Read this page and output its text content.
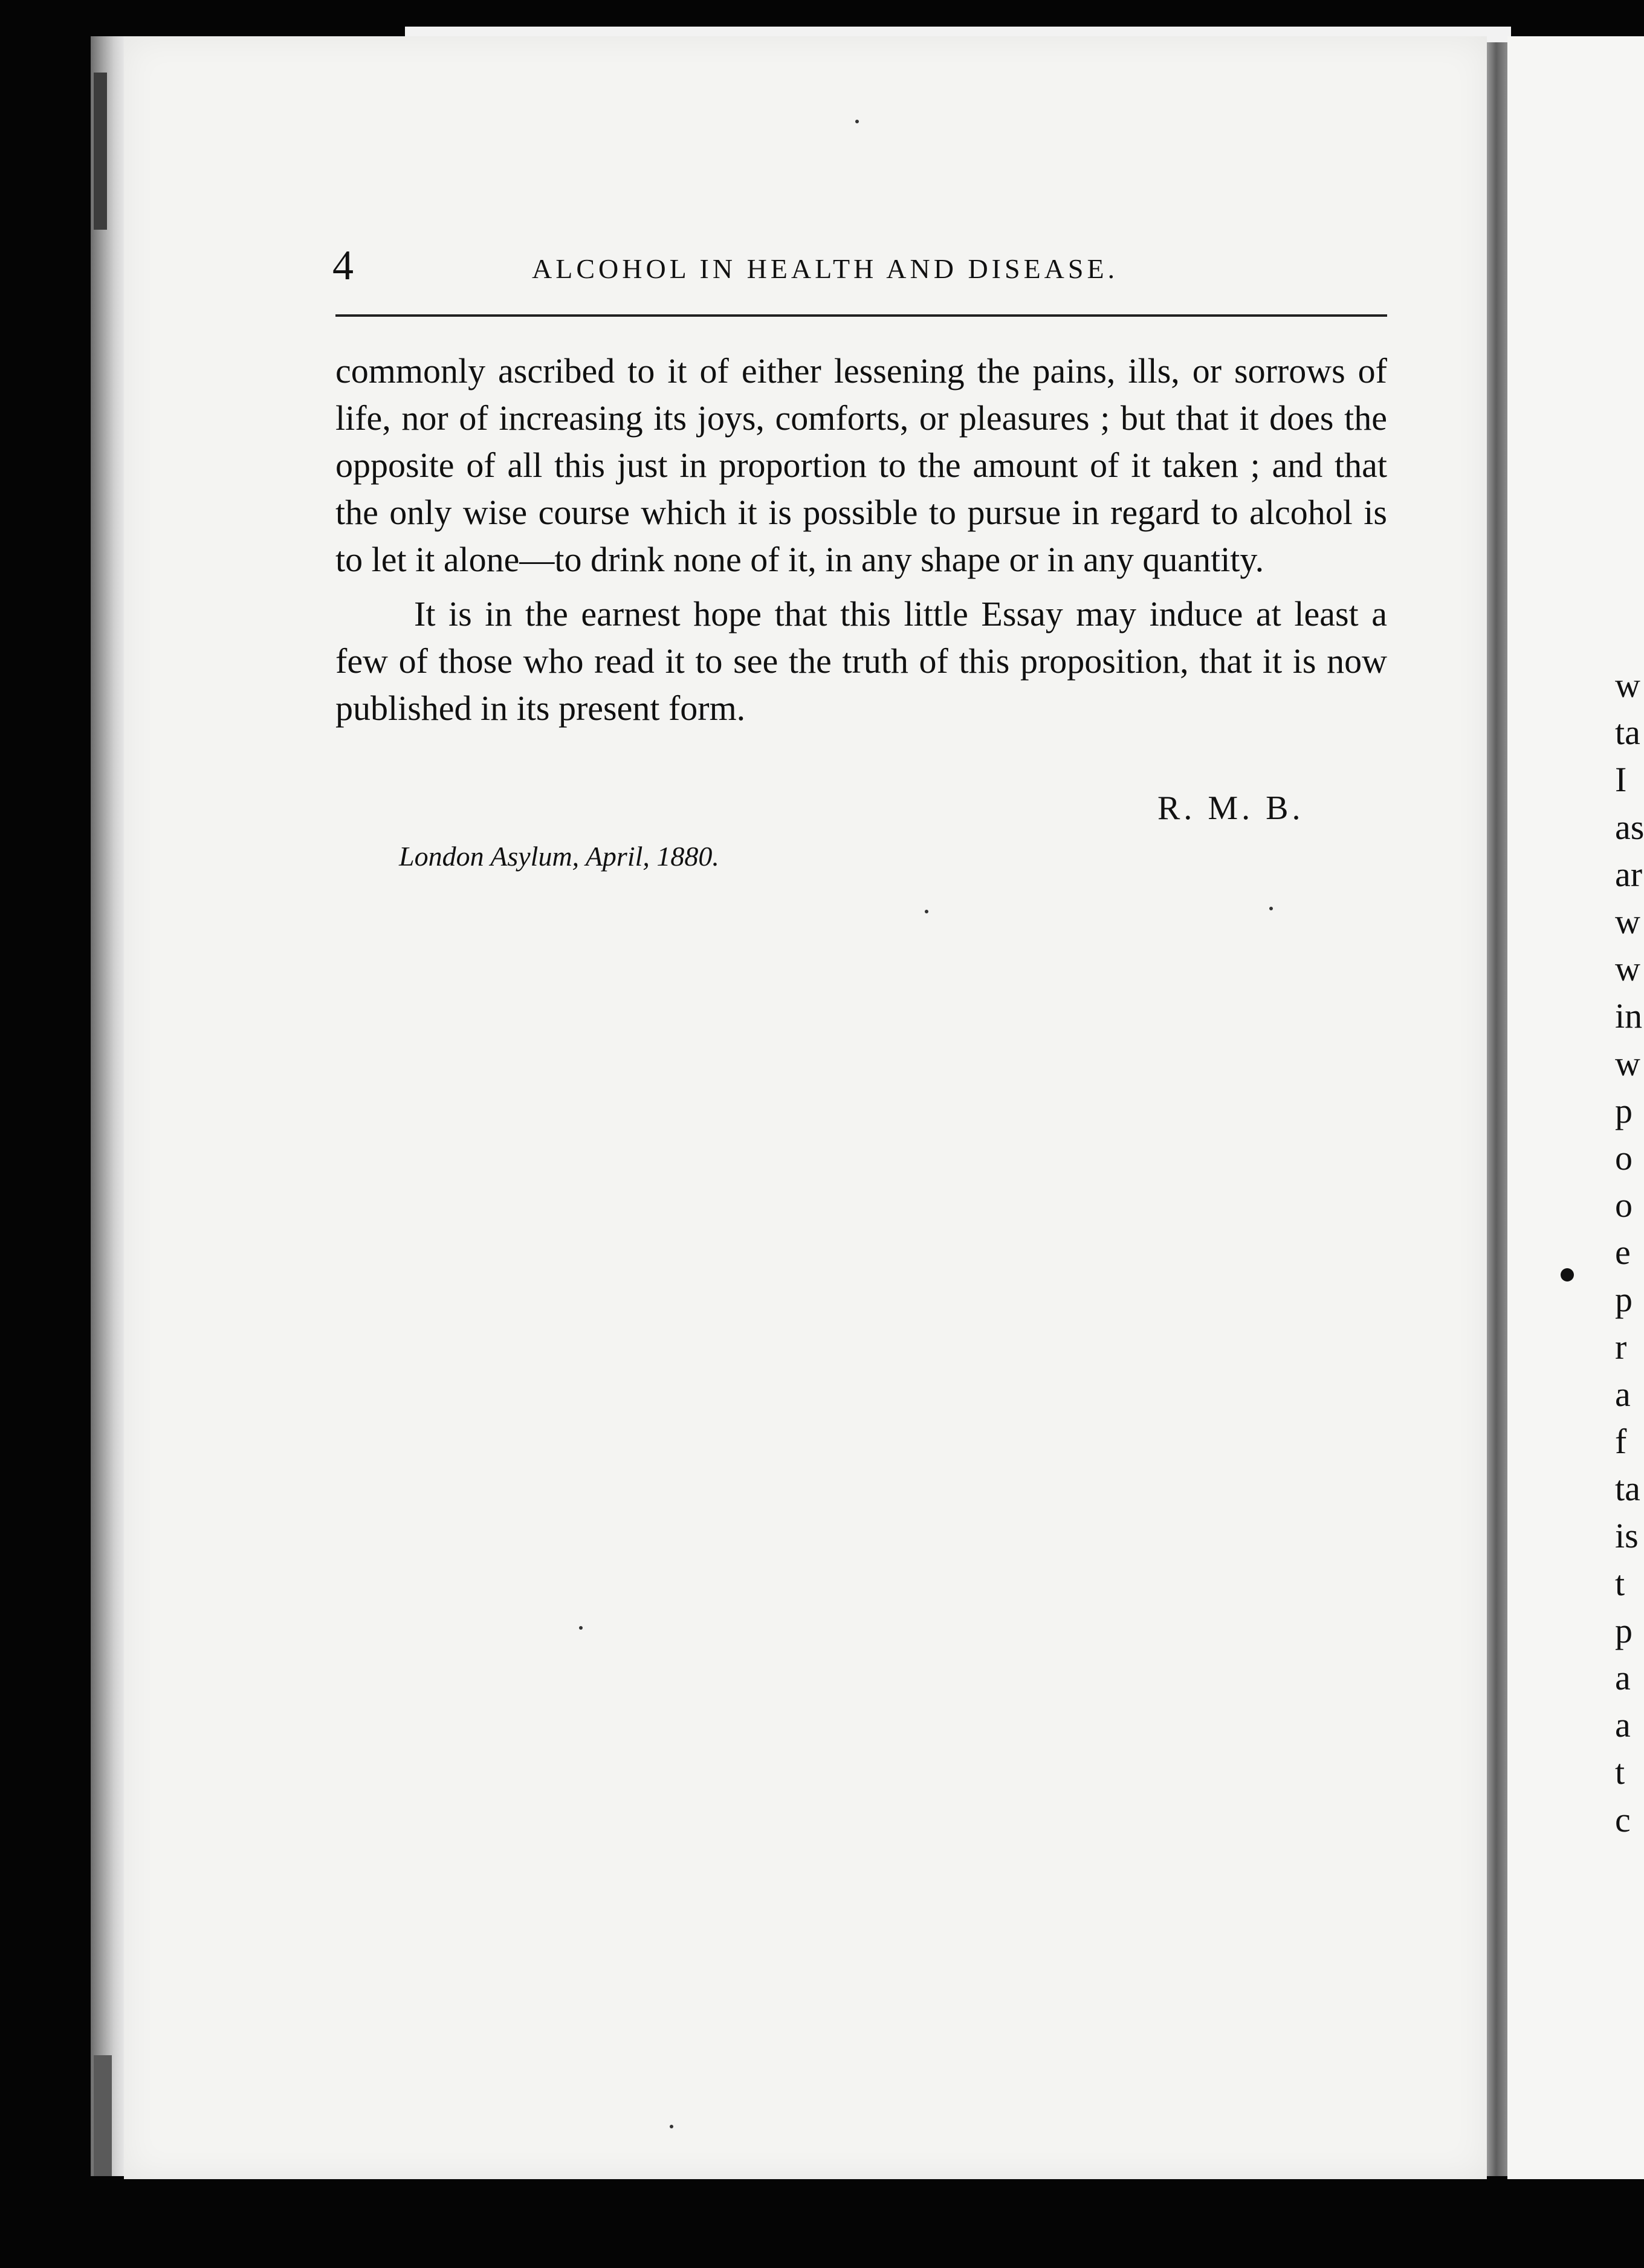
4	ALCOHOL IN HEALTH AND DISEASE.

commonly ascribed to it of either lessening the pains, ills, or sorrows of life, nor of increasing its joys, comforts, or pleasures ; but that it does the opposite of all this just in proportion to the amount of it taken ; and that the only wise course which it is possible to pursue in regard to alcohol is to let it alone—to drink none of it, in any shape or in any quantity.

It is in the earnest hope that this little Essay may induce at least a few of those who read it to see the truth of this proposition, that it is now published in its present form.

R. M. B.
London Asylum, April, 1880.
w
ta
I
as
ar
w
w
in
w
p
o
o
e
p
r
a
f
ta
is
t
p
a
a
t
c
